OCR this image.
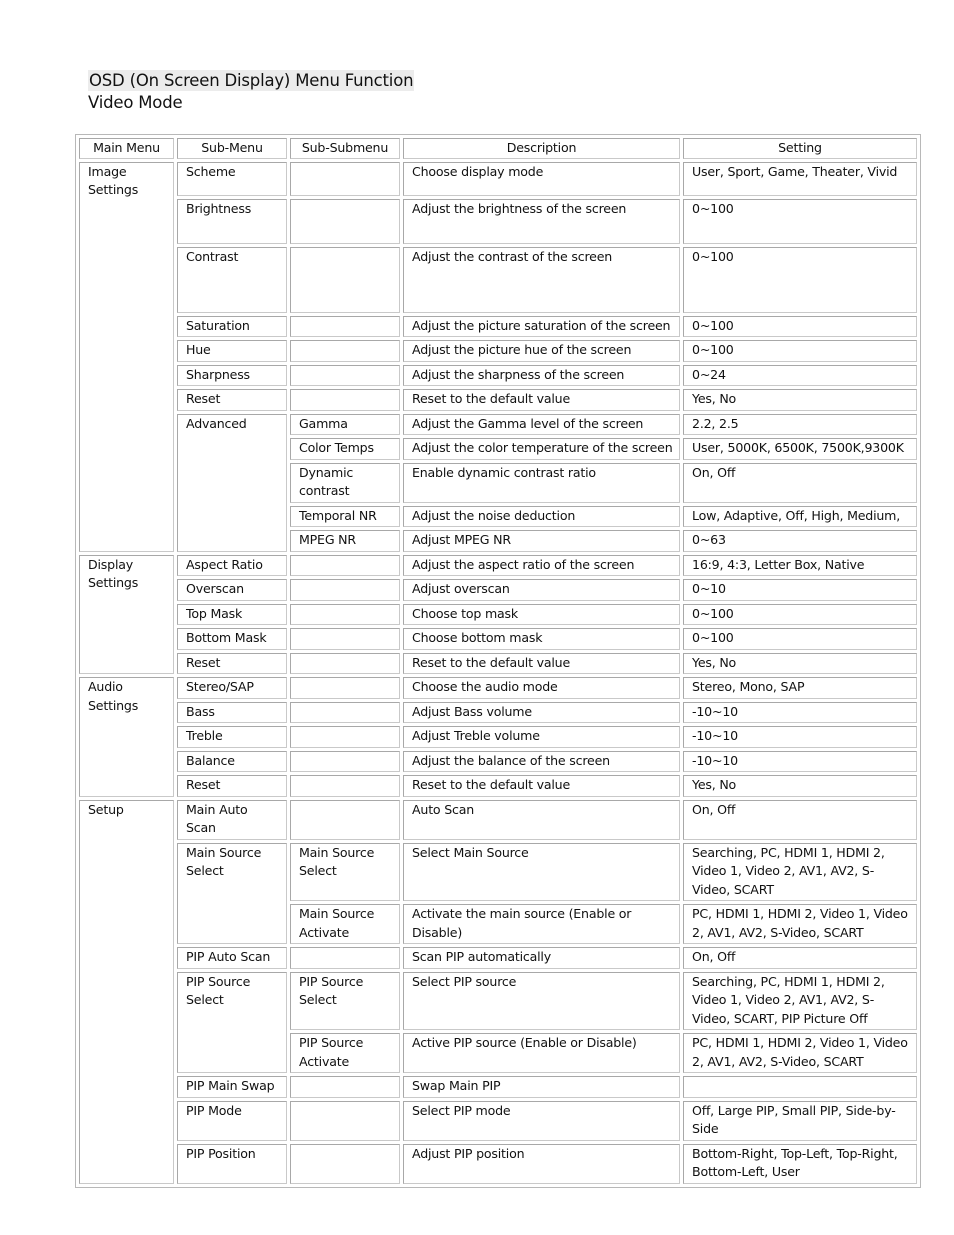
OSD (On Screen Display) Menu Function
Video Mode
Main Menu	Sub-Menu	Sub-Submenu	Description	Setting
Image
Settings	Scheme		Choose display mode	User, Sport, Game, Theater, Vivid
	Brightness		Adjust the brightness of the screen	0~100
	Contrast		Adjust the contrast of the screen	0~100
	Saturation		Adjust the picture saturation of the screen	0~100
	Hue		Adjust the picture hue of the screen	0~100
	Sharpness		Adjust the sharpness of the screen	0~24
	Reset		Reset to the default value	Yes, No
	Advanced	Gamma	Adjust the Gamma level of the screen	2.2, 2.5
		Color Temps	Adjust the color temperature of the screen	User, 5000K, 6500K, 7500K,9300K
		Dynamic contrast	Enable dynamic contrast ratio	On, Off
		Temporal NR	Adjust the noise deduction	Low, Adaptive, Off, High, Medium,
		MPEG NR	Adjust MPEG NR	0~63
Display
Settings	Aspect Ratio		Adjust the aspect ratio of the screen	16:9, 4:3, Letter Box, Native
	Overscan		Adjust overscan	0~10
	Top Mask		Choose top mask	0~100
	Bottom Mask		Choose bottom mask	0~100
	Reset		Reset to the default value	Yes, No
Audio
Settings	Stereo/SAP		Choose the audio mode	Stereo, Mono, SAP
	Bass		Adjust Bass volume	-10~10
	Treble		Adjust Treble volume	-10~10
	Balance		Adjust the balance of the screen	-10~10
	Reset		Reset to the default value	Yes, No
Setup	Main Auto Scan		Auto Scan	On, Off
	Main Source Select	Main Source Select	Select Main Source	Searching, PC, HDMI 1, HDMI 2, Video 1, Video 2, AV1, AV2, S-Video, SCART
		Main Source Activate	Activate the main source (Enable or Disable)	PC, HDMI 1, HDMI 2, Video 1, Video 2, AV1, AV2, S-Video, SCART
	PIP Auto Scan		Scan PIP automatically	On, Off
	PIP Source Select	PIP Source Select	Select PIP source	Searching, PC, HDMI 1, HDMI 2, Video 1, Video 2, AV1, AV2, S-Video, SCART, PIP Picture Off
		PIP Source Activate	Active PIP source (Enable or Disable)	PC, HDMI 1, HDMI 2, Video 1, Video 2, AV1, AV2, S-Video, SCART
	PIP Main Swap		Swap Main PIP	
	PIP Mode		Select PIP mode	Off, Large PIP, Small PIP, Side-by-Side
	PIP Position		Adjust PIP position	Bottom-Right, Top-Left, Top-Right, Bottom-Left, User
